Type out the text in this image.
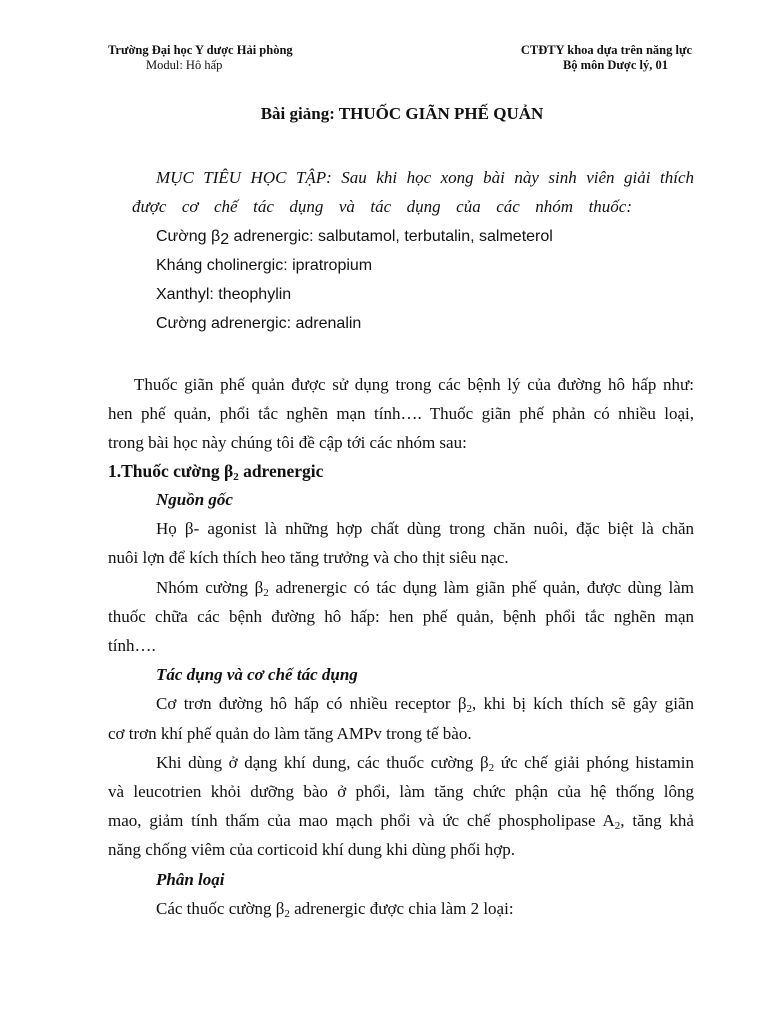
Trường Đại học Y dược Hải phòng
Modul: Hô hấp
CTĐTY khoa dựa trên năng lực
Bộ môn Dược lý, 01
Bài giảng: THUỐC GIÃN PHẾ QUẢN
MỤC TIÊU HỌC TẬP: Sau khi học xong bài này sinh viên giải thích
được cơ chế tác dụng và tác dụng của các nhóm thuốc:
Cường β2 adrenergic: salbutamol, terbutalin, salmeterol
Kháng cholinergic: ipratropium
Xanthyl: theophylin
Cường adrenergic: adrenalin
Thuốc giãn phế quản được sử dụng trong các bệnh lý của đường hô hấp như:
hen phế quản, phổi tắc nghẽn mạn tính…. Thuốc giãn phế phản có nhiều loại,
trong bài học này chúng tôi đề cập tới các nhóm sau:
1.Thuốc cường $\beta_2$ adrenergic
Nguồn gốc
Họ β- agonist là những hợp chất dùng trong chăn nuôi, đặc biệt là chăn
nuôi lợn để kích thích heo tăng trưởng và cho thịt siêu nạc.
Nhóm cường $\beta_2$ adrenergic có tác dụng làm giãn phế quản, được dùng làm
thuốc chữa các bệnh đường hô hấp: hen phế quản, bệnh phổi tắc nghẽn mạn
tính….
Tác dụng và cơ chế tác dụng
Cơ trơn đường hô hấp có nhiều receptor $\beta_2$, khi bị kích thích sẽ gây giãn
cơ trơn khí phế quản do làm tăng AMPv trong tế bào.
Khi dùng ở dạng khí dung, các thuốc cường $\beta_2$ ức chế giải phóng histamin
và leucotrien khỏi dưỡng bào ở phổi, làm tăng chức phận của hệ thống lông
mao, giảm tính thấm của mao mạch phổi và ức chế phospholipase $A_2$, tăng khả
năng chống viêm của corticoid khí dung khi dùng phối hợp.
Phân loại
Các thuốc cường $\beta_2$ adrenergic được chia làm 2 loại:
